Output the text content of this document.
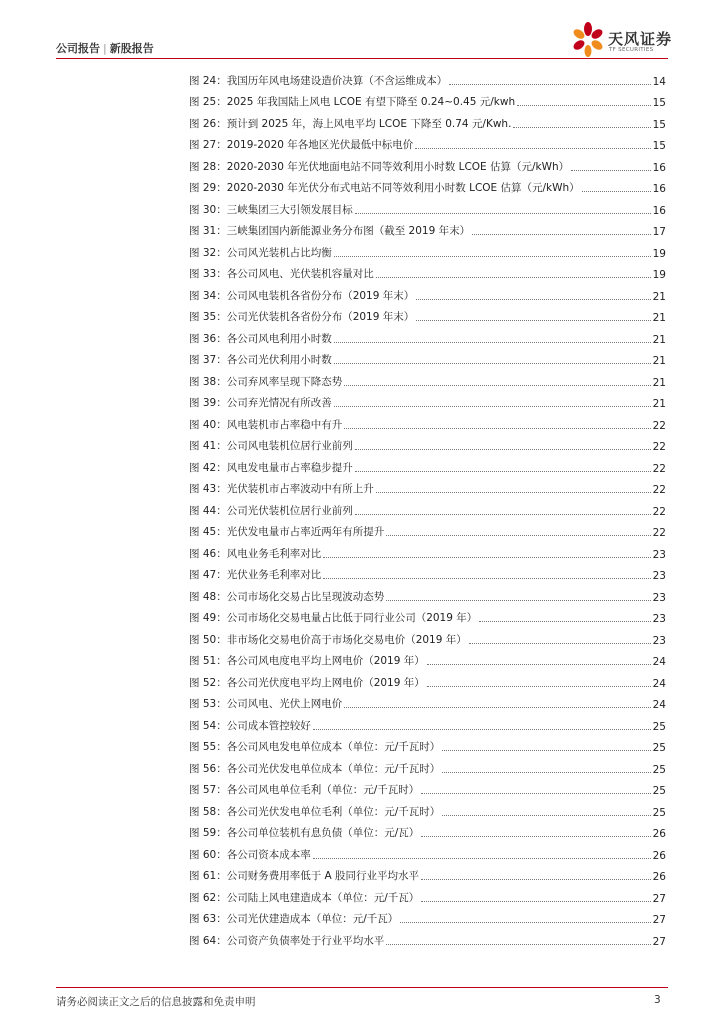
公司报告 | 新股报告
天风证券
TF SECURITIES
图 24：我国历年风电场建设造价决算（不含运维成本）	14
图 25：2025 年我国陆上风电 LCOE 有望下降至 0.24~0.45 元/kwh	15
图 26：预计到 2025 年，海上风电平均 LCOE 下降至 0.74 元/Kwh.	15
图 27：2019-2020 年各地区光伏最低中标电价	15
图 28：2020-2030 年光伏地面电站不同等效利用小时数 LCOE 估算（元/kWh）	16
图 29：2020-2030 年光伏分布式电站不同等效利用小时数 LCOE 估算（元/kWh）	16
图 30：三峡集团三大引领发展目标	16
图 31：三峡集团国内新能源业务分布图（截至 2019 年末）	17
图 32：公司风光装机占比均衡	19
图 33：各公司风电、光伏装机容量对比	19
图 34：公司风电装机各省份分布（2019 年末）	21
图 35：公司光伏装机各省份分布（2019 年末）	21
图 36：各公司风电利用小时数	21
图 37：各公司光伏利用小时数	21
图 38：公司弃风率呈现下降态势	21
图 39：公司弃光情况有所改善	21
图 40：风电装机市占率稳中有升	22
图 41：公司风电装机位居行业前列	22
图 42：风电发电量市占率稳步提升	22
图 43：光伏装机市占率波动中有所上升	22
图 44：公司光伏装机位居行业前列	22
图 45：光伏发电量市占率近两年有所提升	22
图 46：风电业务毛利率对比	23
图 47：光伏业务毛利率对比	23
图 48：公司市场化交易占比呈现波动态势	23
图 49：公司市场化交易电量占比低于同行业公司（2019 年）	23
图 50：非市场化交易电价高于市场化交易电价（2019 年）	23
图 51：各公司风电度电平均上网电价（2019 年）	24
图 52：各公司光伏度电平均上网电价（2019 年）	24
图 53：公司风电、光伏上网电价	24
图 54：公司成本管控较好	25
图 55：各公司风电发电单位成本（单位：元/千瓦时）	25
图 56：各公司光伏发电单位成本（单位：元/千瓦时）	25
图 57：各公司风电单位毛利（单位：元/千瓦时）	25
图 58：各公司光伏发电单位毛利（单位：元/千瓦时）	25
图 59：各公司单位装机有息负债（单位：元/瓦）	26
图 60：各公司资本成本率	26
图 61：公司财务费用率低于 A 股同行业平均水平	26
图 62：公司陆上风电建造成本（单位：元/千瓦）	27
图 63：公司光伏建造成本（单位：元/千瓦）	27
图 64：公司资产负债率处于行业平均水平	27
请务必阅读正文之后的信息披露和免责申明	3
